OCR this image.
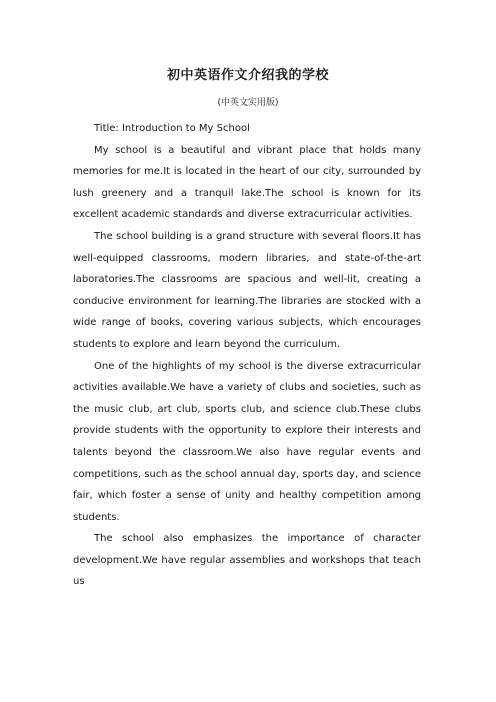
初中英语作文介绍我的学校
(中英文实用版)

Title: Introduction to My School

My school is a beautiful and vibrant place that holds many memories for me.It is located in the heart of our city, surrounded by lush greenery and a tranquil lake.The school is known for its excellent academic standards and diverse extracurricular activities.

The school building is a grand structure with several floors.It has well-equipped classrooms, modern libraries, and state-of-the-art laboratories.The classrooms are spacious and well-lit, creating a conducive environment for learning.The libraries are stocked with a wide range of books, covering various subjects, which encourages students to explore and learn beyond the curriculum.

One of the highlights of my school is the diverse extracurricular activities available.We have a variety of clubs and societies, such as the music club, art club, sports club, and science club.These clubs provide students with the opportunity to explore their interests and talents beyond the classroom.We also have regular events and competitions, such as the school annual day, sports day, and science fair, which foster a sense of unity and healthy competition among students.

The school also emphasizes the importance of character development.We have regular assemblies and workshops that teach us
